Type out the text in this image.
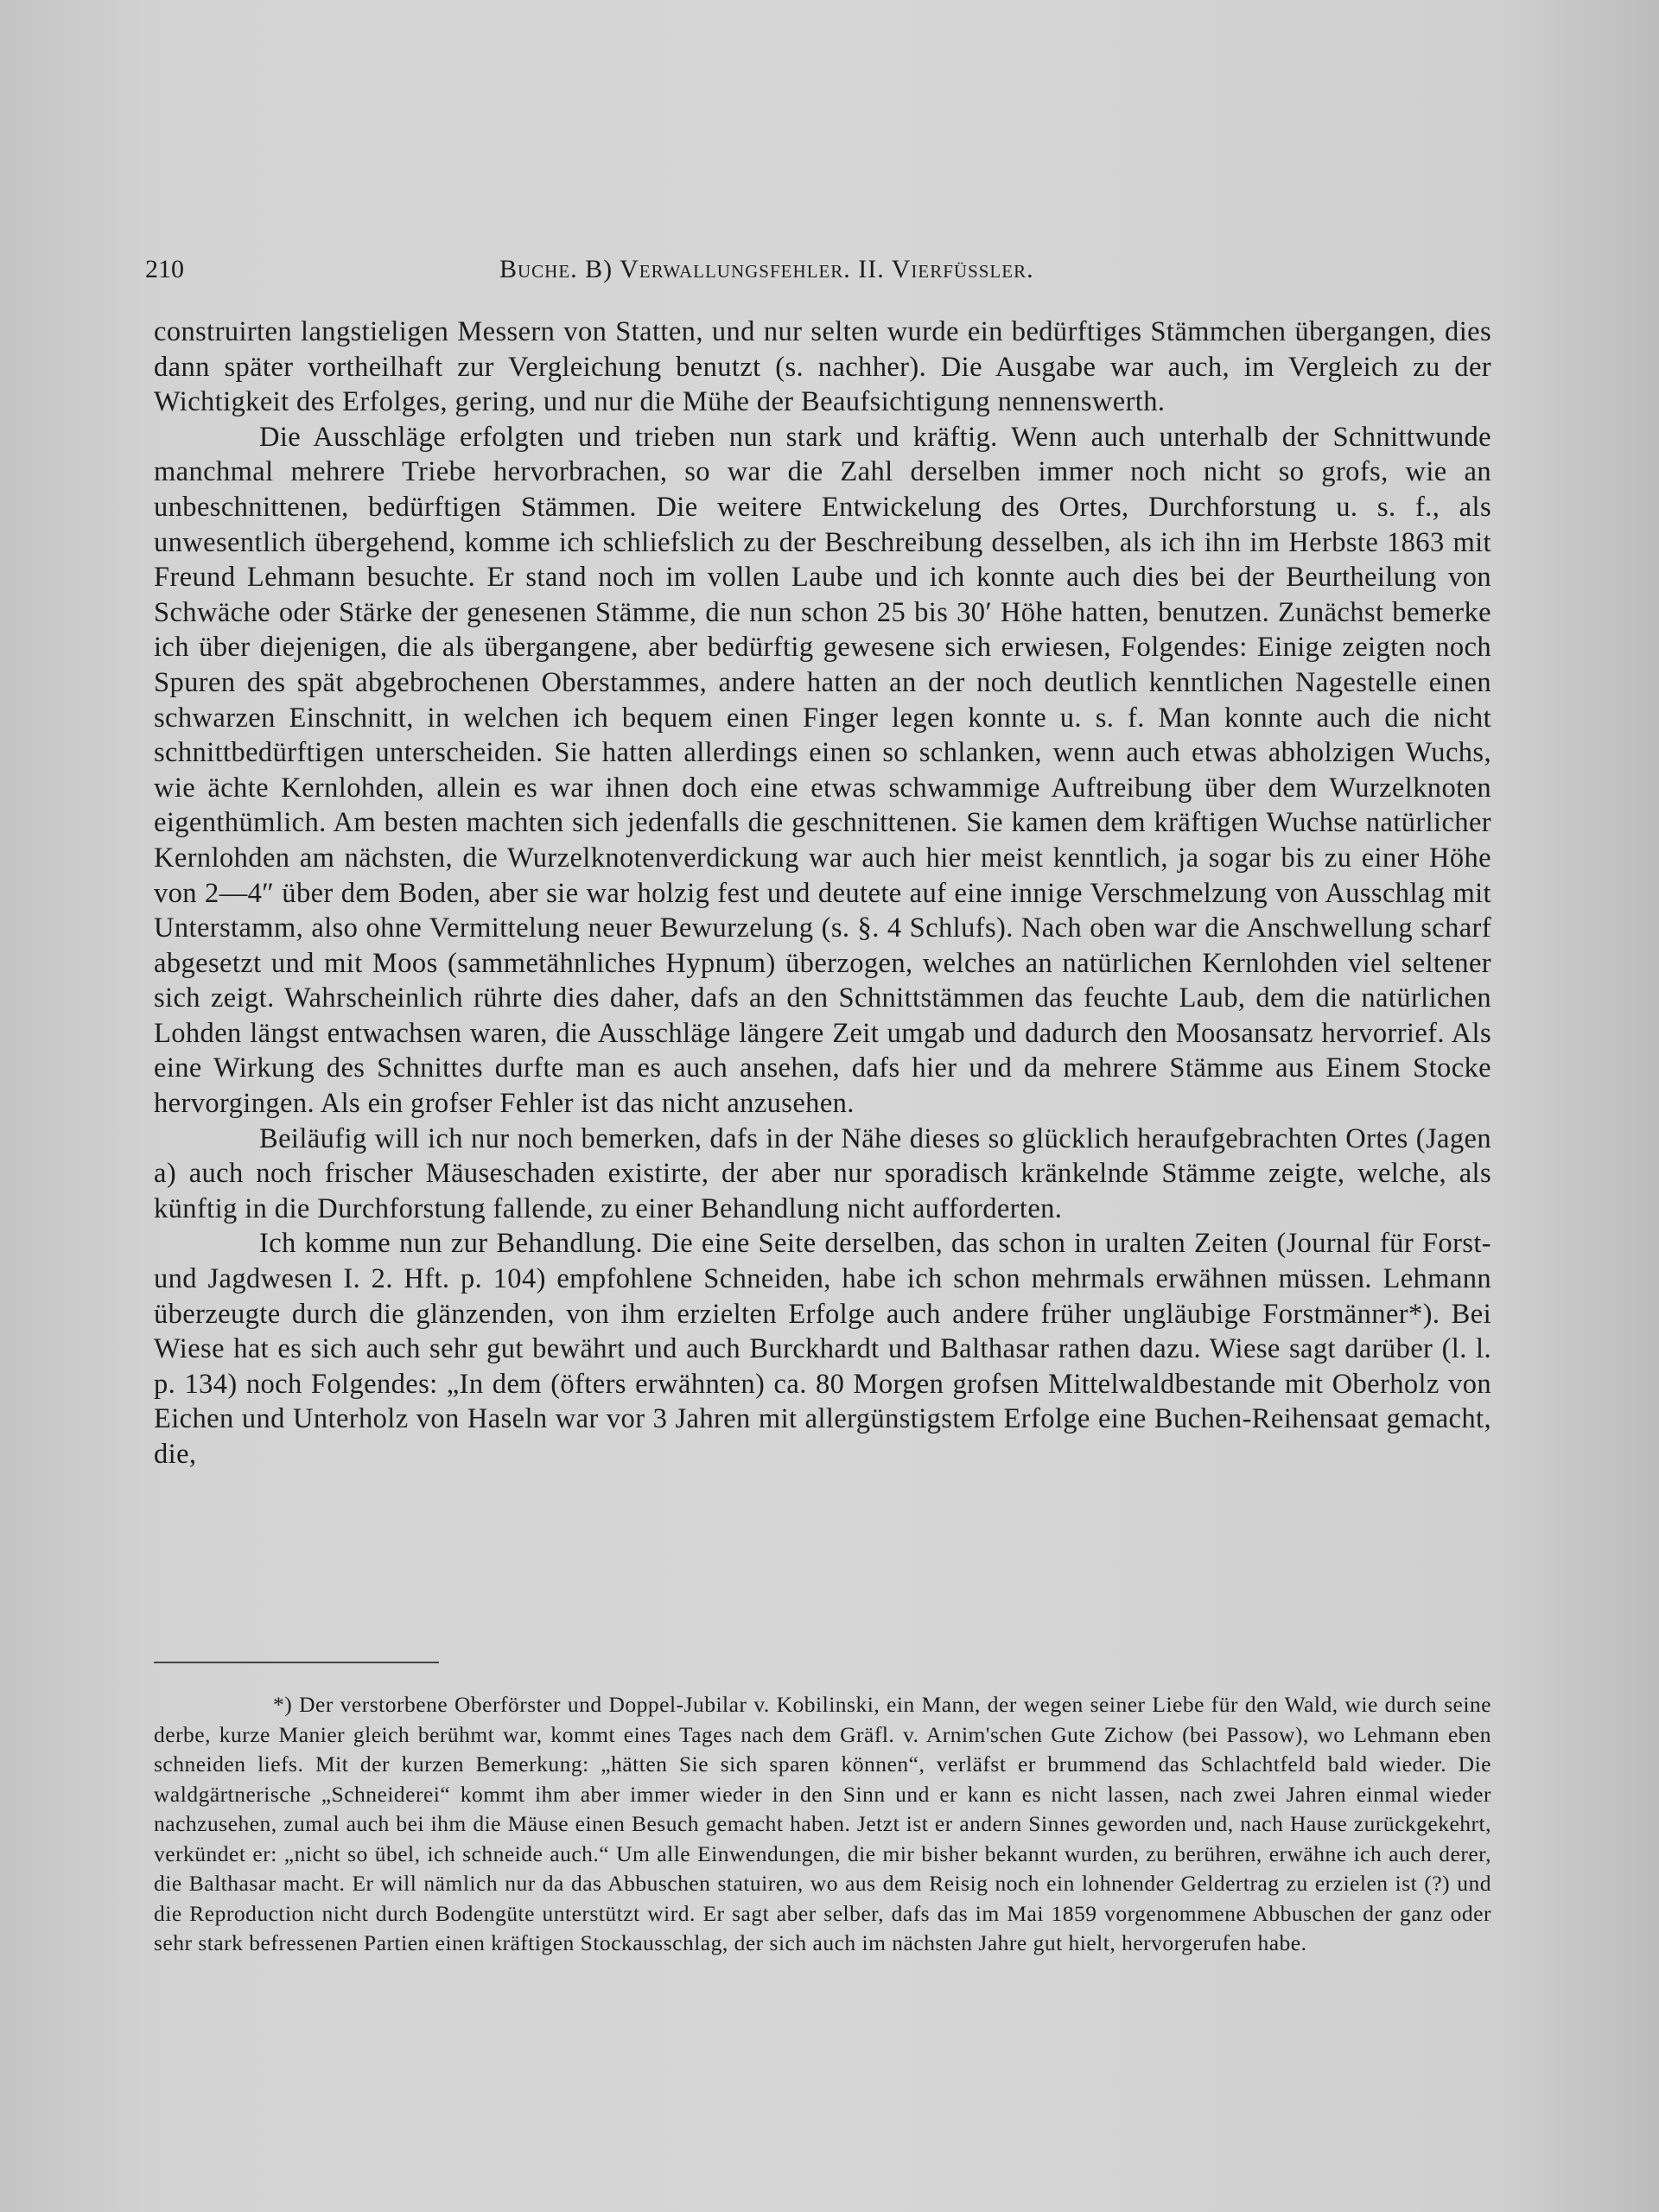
210	Buche. B) Verwallungsfehler. II. Vierfüssler.

construirten langstieligen Messern von Statten, und nur selten wurde ein bedürftiges Stämmchen übergangen, dies dann später vortheilhaft zur Vergleichung benutzt (s. nachher). Die Ausgabe war auch, im Vergleich zu der Wichtigkeit des Erfolges, gering, und nur die Mühe der Beaufsichtigung nennenswerth.

Die Ausschläge erfolgten und trieben nun stark und kräftig. Wenn auch unterhalb der Schnittwunde manchmal mehrere Triebe hervorbrachen, so war die Zahl derselben immer noch nicht so grofs, wie an unbeschnittenen, bedürftigen Stämmen. Die weitere Entwickelung des Ortes, Durchforstung u. s. f., als unwesentlich übergehend, komme ich schliefslich zu der Beschreibung desselben, als ich ihn im Herbste 1863 mit Freund Lehmann besuchte. Er stand noch im vollen Laube und ich konnte auch dies bei der Beurtheilung von Schwäche oder Stärke der genesenen Stämme, die nun schon 25 bis 30′ Höhe hatten, benutzen. Zunächst bemerke ich über diejenigen, die als übergangene, aber bedürftig gewesene sich erwiesen, Folgendes: Einige zeigten noch Spuren des spät abgebrochenen Oberstammes, andere hatten an der noch deutlich kenntlichen Nagestelle einen schwarzen Einschnitt, in welchen ich bequem einen Finger legen konnte u. s. f. Man konnte auch die nicht schnittbedürftigen unterscheiden. Sie hatten allerdings einen so schlanken, wenn auch etwas abholzigen Wuchs, wie ächte Kernlohden, allein es war ihnen doch eine etwas schwammige Auftreibung über dem Wurzelknoten eigenthümlich. Am besten machten sich jedenfalls die geschnittenen. Sie kamen dem kräftigen Wuchse natürlicher Kernlohden am nächsten, die Wurzelknotenverdickung war auch hier meist kenntlich, ja sogar bis zu einer Höhe von 2—4″ über dem Boden, aber sie war holzig fest und deutete auf eine innige Verschmelzung von Ausschlag mit Unterstamm, also ohne Vermittelung neuer Bewurzelung (s. §. 4 Schlufs). Nach oben war die Anschwellung scharf abgesetzt und mit Moos (sammetähnliches Hypnum) überzogen, welches an natürlichen Kernlohden viel seltener sich zeigt. Wahrscheinlich rührte dies daher, dafs an den Schnittstämmen das feuchte Laub, dem die natürlichen Lohden längst entwachsen waren, die Ausschläge längere Zeit umgab und dadurch den Moosansatz hervorrief. Als eine Wirkung des Schnittes durfte man es auch ansehen, dafs hier und da mehrere Stämme aus Einem Stocke hervorgingen. Als ein grofser Fehler ist das nicht anzusehen.

Beiläufig will ich nur noch bemerken, dafs in der Nähe dieses so glücklich heraufgebrachten Ortes (Jagen a) auch noch frischer Mäuseschaden existirte, der aber nur sporadisch kränkelnde Stämme zeigte, welche, als künftig in die Durchforstung fallende, zu einer Behandlung nicht aufforderten.

Ich komme nun zur Behandlung. Die eine Seite derselben, das schon in uralten Zeiten (Journal für Forst- und Jagdwesen I. 2. Hft. p. 104) empfohlene Schneiden, habe ich schon mehrmals erwähnen müssen. Lehmann überzeugte durch die glänzenden, von ihm erzielten Erfolge auch andere früher ungläubige Forstmänner*). Bei Wiese hat es sich auch sehr gut bewährt und auch Burckhardt und Balthasar rathen dazu. Wiese sagt darüber (l. l. p. 134) noch Folgendes: „In dem (öfters erwähnten) ca. 80 Morgen grofsen Mittelwaldbestande mit Oberholz von Eichen und Unterholz von Haseln war vor 3 Jahren mit allergünstigstem Erfolge eine Buchen-Reihensaat gemacht, die,

*) Der verstorbene Oberförster und Doppel-Jubilar v. Kobilinski, ein Mann, der wegen seiner Liebe für den Wald, wie durch seine derbe, kurze Manier gleich berühmt war, kommt eines Tages nach dem Gräfl. v. Arnim'schen Gute Zichow (bei Passow), wo Lehmann eben schneiden liefs. Mit der kurzen Bemerkung: „hätten Sie sich sparen können“, verläfst er brummend das Schlachtfeld bald wieder. Die waldgärtnerische „Schneiderei“ kommt ihm aber immer wieder in den Sinn und er kann es nicht lassen, nach zwei Jahren einmal wieder nachzusehen, zumal auch bei ihm die Mäuse einen Besuch gemacht haben. Jetzt ist er andern Sinnes geworden und, nach Hause zurückgekehrt, verkündet er: „nicht so übel, ich schneide auch.“ Um alle Einwendungen, die mir bisher bekannt wurden, zu berühren, erwähne ich auch derer, die Balthasar macht. Er will nämlich nur da das Abbuschen statuiren, wo aus dem Reisig noch ein lohnender Geldertrag zu erzielen ist (?) und die Reproduction nicht durch Bodengüte unterstützt wird. Er sagt aber selber, dafs das im Mai 1859 vorgenommene Abbuschen der ganz oder sehr stark befressenen Partien einen kräftigen Stockausschlag, der sich auch im nächsten Jahre gut hielt, hervorgerufen habe.
